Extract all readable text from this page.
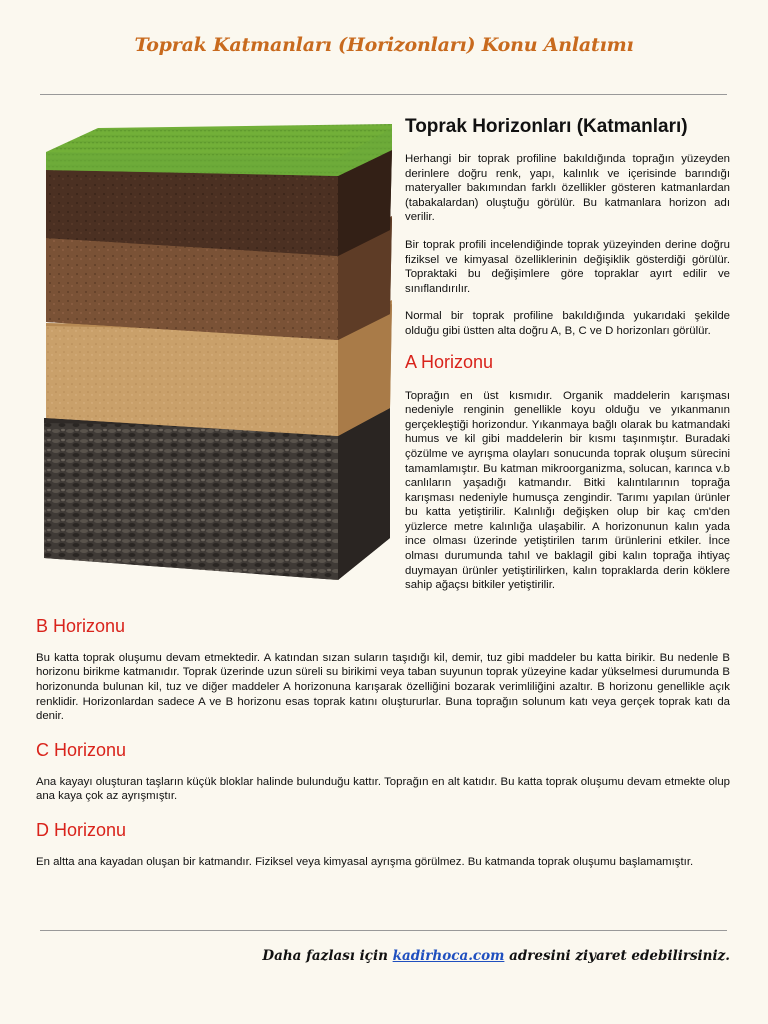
Toprak Katmanları (Horizonları) Konu Anlatımı
Toprak Horizonları (Katmanları)

Herhangi bir toprak profiline bakıldığında toprağın yüzeyden derinlere doğru renk, yapı, kalınlık ve içerisinde barındığı materyaller bakımından farklı özellikler gösteren katmanlardan (tabakalardan) oluştuğu görülür. Bu katmanlara horizon adı verilir.

Bir toprak profili incelendiğinde toprak yüzeyinden derine doğru fiziksel ve kimyasal özelliklerinin değişiklik gösterdiği görülür. Topraktaki bu değişimlere göre topraklar ayırt edilir ve sınıflandırılır.

Normal bir toprak profiline bakıldığında yukarıdaki şekilde olduğu gibi üstten alta doğru A, B, C ve D horizonları görülür.

A Horizonu

Toprağın en üst kısmıdır. Organik maddelerin karışması nedeniyle renginin genellikle koyu olduğu ve yıkanmanın gerçekleştiği horizondur. Yıkanmaya bağlı olarak bu katmandaki humus ve kil gibi maddelerin bir kısmı taşınmıştır. Buradaki çözülme ve ayrışma olayları sonucunda toprak oluşum sürecini tamamlamıştır. Bu katman mikroorganizma, solucan, karınca v.b canlıların yaşadığı katmandır. Bitki kalıntılarının toprağa karışması nedeniyle humusça zengindir. Tarımı yapılan ürünler bu katta yetiştirilir. Kalınlığı değişken olup bir kaç cm'den yüzlerce metre kalınlığa ulaşabilir. A horizonunun kalın yada ince olması üzerinde yetiştirilen tarım ürünlerini etkiler. İnce olması durumunda tahıl ve baklagil gibi kalın toprağa ihtiyaç duymayan ürünler yetiştirilirken, kalın topraklarda derin köklere sahip ağaçsı bitkiler yetiştirilir.

B Horizonu

Bu katta toprak oluşumu devam etmektedir. A katından sızan suların taşıdığı kil, demir, tuz gibi maddeler bu katta birikir. Bu nedenle B horizonu birikme katmanıdır. Toprak üzerinde uzun süreli su birikimi veya taban suyunun toprak yüzeyine kadar yükselmesi durumunda B horizonunda bulunan kil, tuz ve diğer maddeler A horizonuna karışarak özelliğini bozarak verimliliğini azaltır. B horizonu genellikle açık renklidir. Horizonlardan sadece A ve B horizonu esas toprak katını oluştururlar. Buna toprağın solunum katı veya gerçek toprak katı da denir.

C Horizonu

Ana kayayı oluşturan taşların küçük bloklar halinde bulunduğu kattır. Toprağın en alt katıdır. Bu katta toprak oluşumu devam etmekte olup ana kaya çok az ayrışmıştır.

D Horizonu

En altta ana kayadan oluşan bir katmandır. Fiziksel veya kimyasal ayrışma görülmez. Bu katmanda toprak oluşumu başlamamıştır.

Daha fazlası için kadirhoca.com adresini ziyaret edebilirsiniz.
